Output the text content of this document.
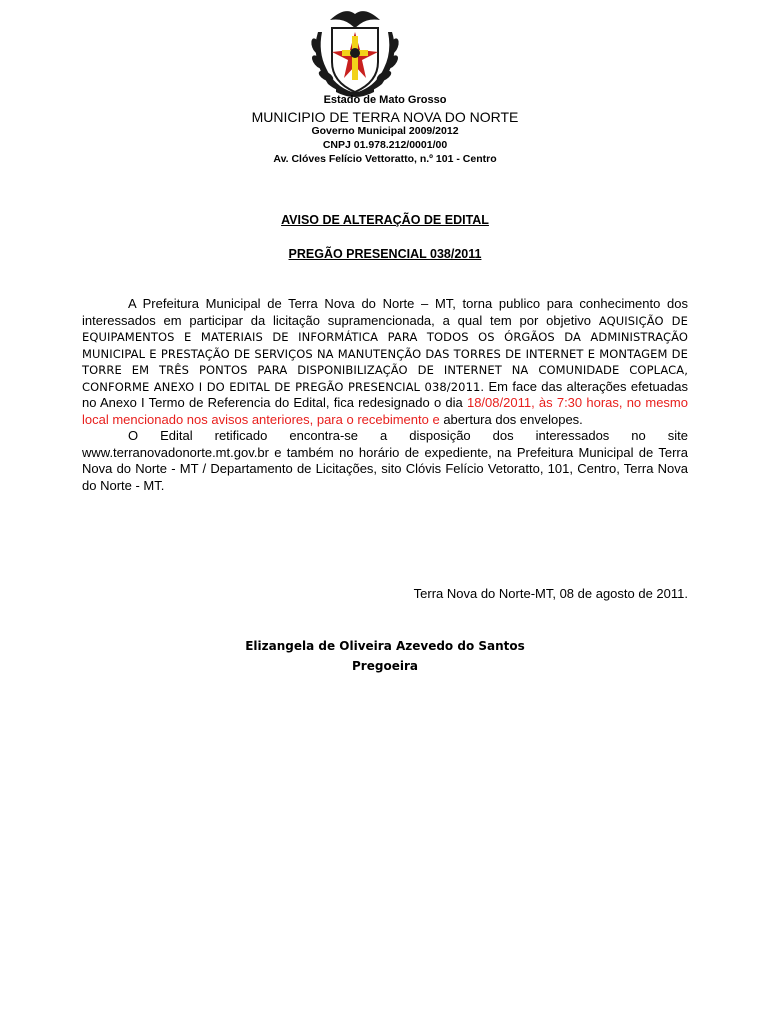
Estado de Mato Grosso
MUNICIPIO DE TERRA NOVA DO NORTE
Governo Municipal 2009/2012
CNPJ 01.978.212/0001/00
Av. Clóves Felício Vettoratto, n.º 101 - Centro
AVISO DE ALTERAÇÃO DE EDITAL
PREGÃO PRESENCIAL 038/2011

A Prefeitura Municipal de Terra Nova do Norte – MT, torna publico para conhecimento dos interessados em participar da licitação supramencionada, a qual tem por objetivo AQUISIÇÃO DE EQUIPAMENTOS E MATERIAIS DE INFORMÁTICA PARA TODOS OS ÓRGÃOS DA ADMINISTRAÇÃO MUNICIPAL E PRESTAÇÃO DE SERVIÇOS NA MANUTENÇÃO DAS TORRES DE INTERNET E MONTAGEM DE TORRE EM TRÊS PONTOS PARA DISPONIBILIZAÇÃO DE INTERNET NA COMUNIDADE COPLACA, CONFORME ANEXO I DO EDITAL DE PREGÃO PRESENCIAL 038/2011. Em face das alterações efetuadas no Anexo I Termo de Referencia do Edital, fica redesignado o dia 18/08/2011, às 7:30 horas, no mesmo local mencionado nos avisos anteriores, para o recebimento e abertura dos envelopes.

O Edital retificado encontra-se a disposição dos interessados no site

www.terranovadonorte.mt.gov.br e também no horário de expediente, na Prefeitura Municipal de Terra Nova do Norte - MT / Departamento de Licitações, sito Clóvis Felício Vetoratto, 101, Centro, Terra Nova do Norte - MT.

Terra Nova do Norte-MT, 08 de agosto de 2011.
Elizangela de Oliveira Azevedo do Santos
Pregoeira
